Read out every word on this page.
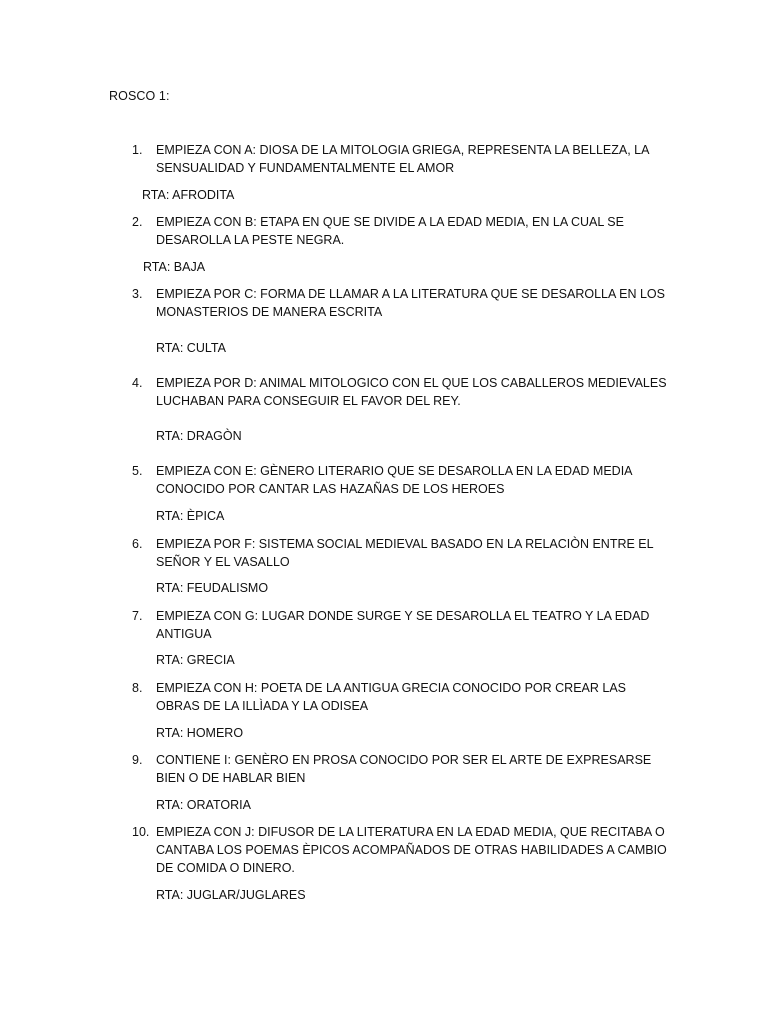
ROSCO 1:
1.	EMPIEZA CON A: DIOSA DE LA MITOLOGIA GRIEGA, REPRESENTA LA BELLEZA, LA SENSUALIDAD Y FUNDAMENTALMENTE EL AMOR
RTA: AFRODITA
2.	EMPIEZA CON B: ETAPA EN QUE SE DIVIDE A LA EDAD MEDIA, EN LA CUAL SE DESAROLLA LA PESTE NEGRA.
RTA: BAJA
3.	EMPIEZA POR C: FORMA DE LLAMAR A LA LITERATURA QUE SE DESAROLLA EN LOS MONASTERIOS DE MANERA ESCRITA
RTA: CULTA
4.	EMPIEZA POR D: ANIMAL MITOLOGICO CON EL QUE LOS CABALLEROS MEDIEVALES LUCHABAN PARA CONSEGUIR EL FAVOR DEL REY.
RTA: DRAGÒN
5.	EMPIEZA CON E: GÈNERO LITERARIO QUE SE DESAROLLA EN LA EDAD MEDIA CONOCIDO POR CANTAR LAS HAZAÑAS DE LOS HEROES
RTA: ÈPICA
6.	EMPIEZA POR F: SISTEMA SOCIAL MEDIEVAL BASADO EN LA RELACIÒN ENTRE EL SEÑOR Y EL VASALLO
RTA: FEUDALISMO
7.	EMPIEZA CON G: LUGAR DONDE SURGE Y SE DESAROLLA EL TEATRO Y LA EDAD ANTIGUA
RTA: GRECIA
8.	EMPIEZA CON H: POETA DE LA ANTIGUA GRECIA CONOCIDO POR CREAR LAS OBRAS DE LA ILLÌADA Y LA ODISEA
RTA: HOMERO
9.	CONTIENE I: GENÈRO EN PROSA CONOCIDO POR SER EL ARTE DE EXPRESARSE BIEN O DE HABLAR BIEN
RTA: ORATORIA
10. EMPIEZA CON J: DIFUSOR DE LA LITERATURA EN LA EDAD MEDIA, QUE RECITABA O CANTABA LOS POEMAS ÈPICOS ACOMPAÑADOS DE OTRAS HABILIDADES A CAMBIO DE COMIDA O DINERO.
RTA: JUGLAR/JUGLARES
